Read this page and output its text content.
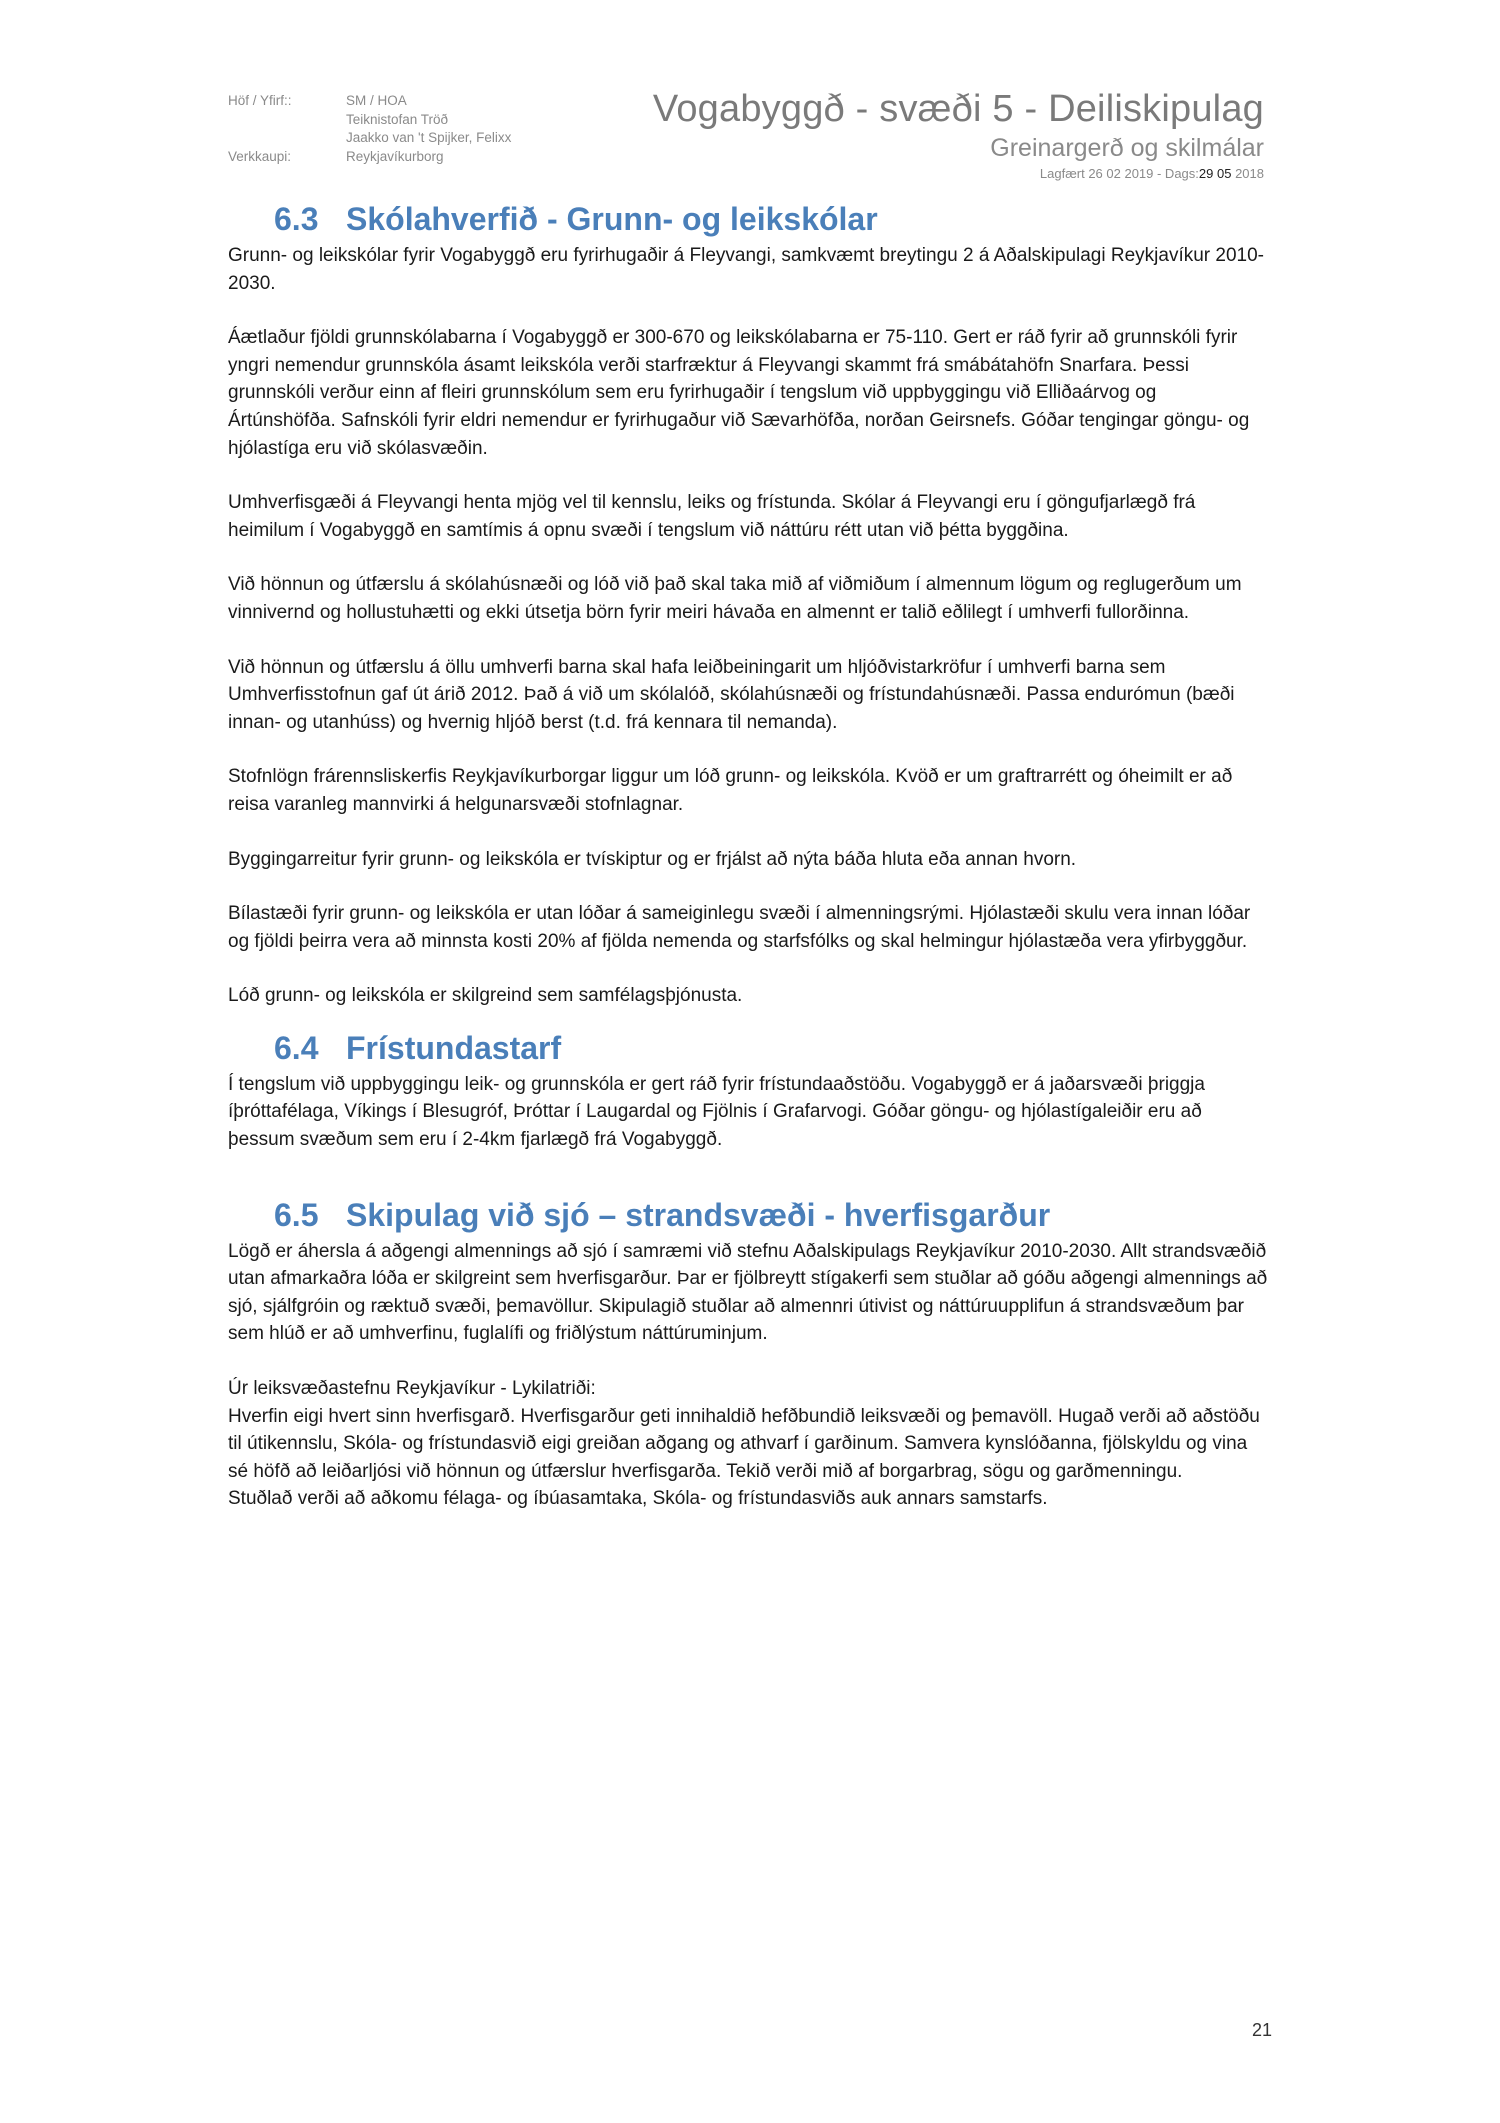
Höf / Yfirf::	SM / HOA
Teiknistofan Tröð
Jaakko van 't Spijker, Felixx
Verkkaupi:	Reykjavíkurborg
Vogabyggð - svæði 5 - Deiliskipulag
Greinargerð og skilmálar
Lagfært 26 02 2019 - Dags:29 05 2018
6.3 Skólahverfið - Grunn- og leikskólar

Grunn- og leikskólar fyrir Vogabyggð eru fyrirhugaðir á Fleyvangi, samkvæmt breytingu 2 á Aðalskipulagi Reykjavíkur 2010-2030.

Áætlaður fjöldi grunnskólabarna í Vogabyggð er 300-670 og leikskólabarna er 75-110. Gert er ráð fyrir að grunnskóli fyrir yngri nemendur grunnskóla ásamt leikskóla verði starfræktur á Fleyvangi skammt frá smábátahöfn Snarfara. Þessi grunnskóli verður einn af fleiri grunnskólum sem eru fyrirhugaðir í tengslum við uppbyggingu við Elliðaárvog og Ártúnshöfða. Safnskóli fyrir eldri nemendur er fyrirhugaður við Sævarhöfða, norðan Geirsnefs. Góðar tengingar göngu- og hjólastíga eru við skólasvæðin.

Umhverfisgæði á Fleyvangi henta mjög vel til kennslu, leiks og frístunda. Skólar á Fleyvangi eru í göngufjarlægð frá heimilum í Vogabyggð en samtímis á opnu svæði í tengslum við náttúru rétt utan við þétta byggðina.

Við hönnun og útfærslu á skólahúsnæði og lóð við það skal taka mið af viðmiðum í almennum lögum og reglugerðum um vinnivernd og hollustuhætti og ekki útsetja börn fyrir meiri hávaða en almennt er talið eðlilegt í umhverfi fullorðinna.

Við hönnun og útfærslu á öllu umhverfi barna skal hafa leiðbeiningarit um hljóðvistarkröfur í umhverfi barna sem Umhverfisstofnun gaf út árið 2012. Það á við um skólalóð, skólahúsnæði og frístundahúsnæði. Passa endurómun (bæði innan- og utanhúss) og hvernig hljóð berst (t.d. frá kennara til nemanda).

Stofnlögn frárennsliskerfis Reykjavíkurborgar liggur um lóð grunn- og leikskóla. Kvöð er um graftrarrétt og óheimilt er að reisa varanleg mannvirki á helgunarsvæði stofnlagnar.

Byggingarreitur fyrir grunn- og leikskóla er tvískiptur og er frjálst að nýta báða hluta eða annan hvorn.

Bílastæði fyrir grunn- og leikskóla er utan lóðar á sameiginlegu svæði í almenningsrými. Hjólastæði skulu vera innan lóðar og fjöldi þeirra vera að minnsta kosti 20% af fjölda nemenda og starfsfólks og skal helmingur hjólastæða vera yfirbyggður.

Lóð grunn- og leikskóla er skilgreind sem samfélagsþjónusta.

6.4 Frístundastarf

Í tengslum við uppbyggingu leik- og grunnskóla er gert ráð fyrir frístundaaðstöðu. Vogabyggð er á jaðarsvæði þriggja íþróttafélaga, Víkings í Blesugróf, Þróttar í Laugardal og Fjölnis í Grafarvogi. Góðar göngu- og hjólastígaleiðir eru að þessum svæðum sem eru í 2-4km fjarlægð frá Vogabyggð.

6.5 Skipulag við sjó – strandsvæði - hverfisgarður

Lögð er áhersla á aðgengi almennings að sjó í samræmi við stefnu Aðalskipulags Reykjavíkur 2010-2030. Allt strandsvæðið utan afmarkaðra lóða er skilgreint sem hverfisgarður. Þar er fjölbreytt stígakerfi sem stuðlar að góðu aðgengi almennings að sjó, sjálfgróin og ræktuð svæði, þemavöllur. Skipulagið stuðlar að almennri útivist og náttúruupplifun á strandsvæðum þar sem hlúð er að umhverfinu, fuglalífi og friðlýstum náttúruminjum.

Úr leiksvæðastefnu Reykjavíkur - Lykilatriði:

Hverfin eigi hvert sinn hverfisgarð. Hverfisgarður geti innihaldið hefðbundið leiksvæði og þemavöll. Hugað verði að aðstöðu til útikennslu, Skóla- og frístundasvið eigi greiðan aðgang og athvarf í garðinum. Samvera kynslóðanna, fjölskyldu og vina sé höfð að leiðarljósi við hönnun og útfærslur hverfisgarða. Tekið verði mið af borgarbrag, sögu og garðmenningu.

Stuðlað verði að aðkomu félaga- og íbúasamtaka, Skóla- og frístundasviðs auk annars samstarfs.

21
